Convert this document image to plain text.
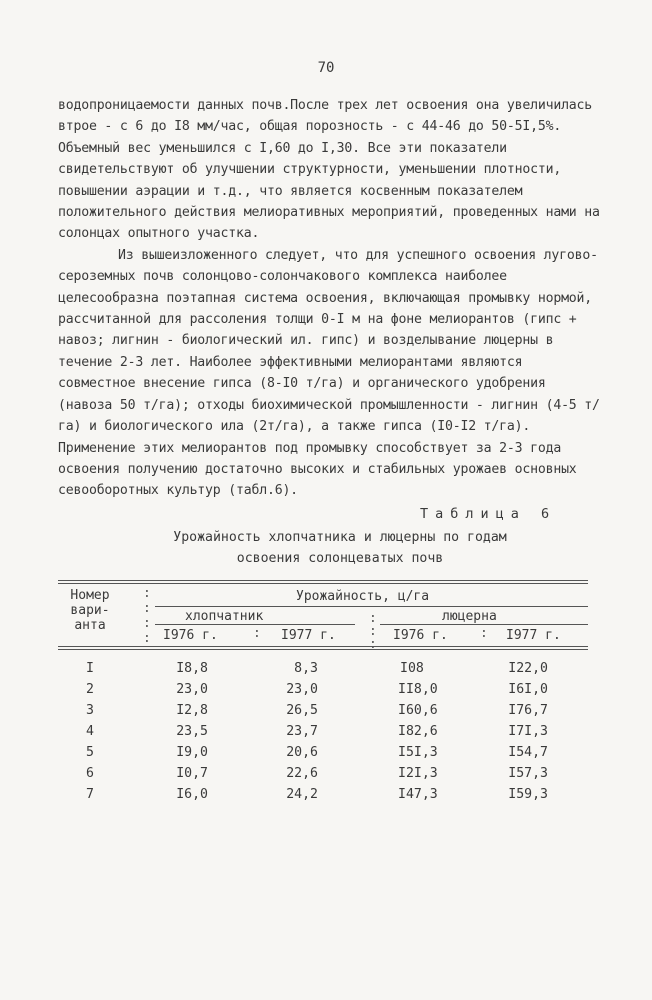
70

водопроницаемости данных почв.После трех лет освоения она увеличилась втрое - с 6 до I8 мм/час, общая порозность - с 44-46 до 50-5I,5%. Объемный вес уменьшился с I,60 до I,30. Все эти показатели свидетельствуют об улучшении структурности, уменьшении плотности, повышении аэрации и т.д., что является косвенным показателем положительного действия мелиоративных мероприятий, проведенных нами на солонцах опытного участка.

Из вышеизложенного следует, что для успешного освоения лугово-сероземных почв солонцово-солончакового комплекса наиболее целесообразна поэтапная система освоения, включающая промывку нормой, рассчитанной для рассоления толщи 0-I м на фоне мелиорантов (гипс + навоз; лигнин - биологический ил. гипс) и возделывание люцерны в течение 2-3 лет. Наиболее эффективными мелиорантами являются совместное внесение гипса (8-I0 т/га) и органического удобрения (навоза 50 т/га); отходы биохимической промышленности - лигнин (4-5 т/га) и биологического ила (2т/га), а также гипса (I0-I2 т/га). Применение этих мелиорантов под промывку способствует за 2-3 года освоения получению достаточно высоких и стабильных урожаев основных севооборотных культур (табл.6).

Таблица 6
Урожайность хлопчатника и люцерны по годам
освоения солонцеватых почв
Номер
вари-
анта
:
:
:
:
:
:
:
:	:
Урожайность, ц/га
хлопчатник	люцерна
I976 г.	I977 г.	I976 г.	I977 г.
I	I8,8	8,3	I08	I22,0
2	23,0	23,0	II8,0	I6I,0
3	I2,8	26,5	I60,6	I76,7
4	23,5	23,7	I82,6	I7I,3
5	I9,0	20,6	I5I,3	I54,7
6	I0,7	22,6	I2I,3	I57,3
7	I6,0	24,2	I47,3	I59,3
